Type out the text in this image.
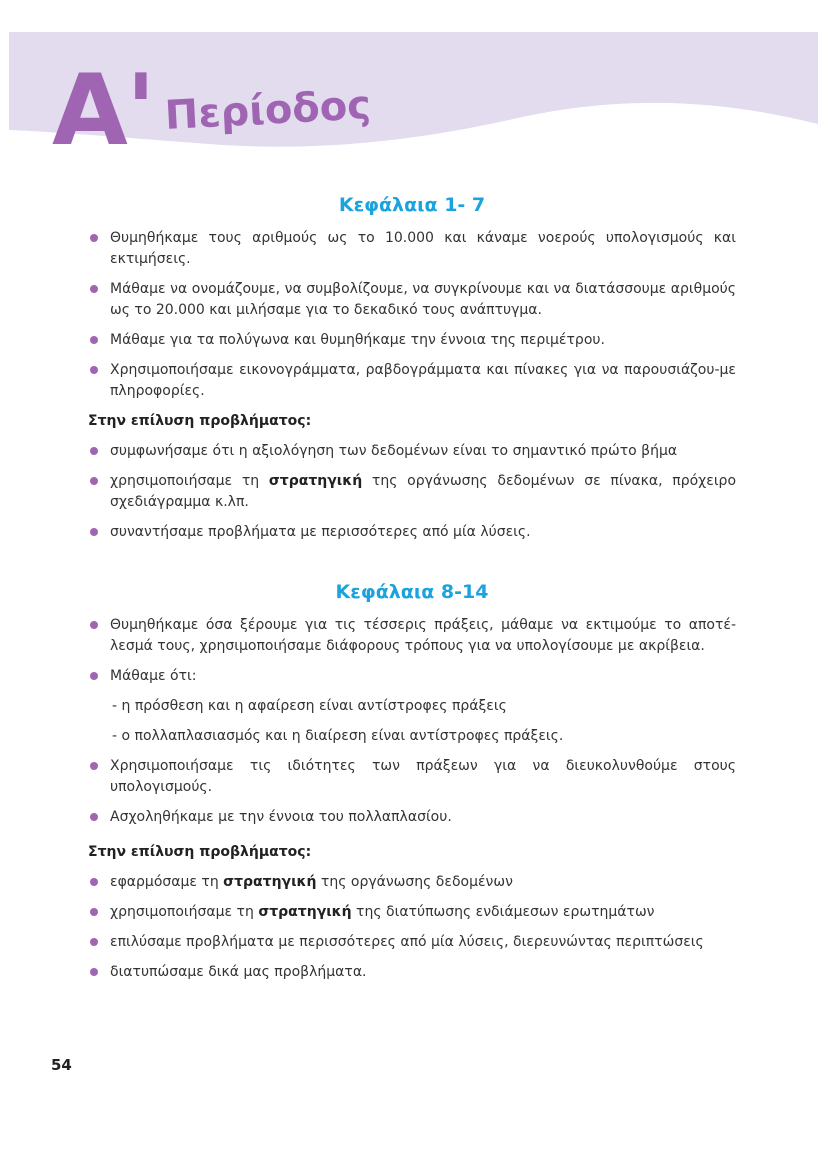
Α' Περίοδος
Κεφάλαια 1- 7
Θυμηθήκαμε τους αριθμούς ως το 10.000 και κάναμε νοερούς υπολογισμούς και εκτιμήσεις.
Μάθαμε να ονομάζουμε, να συμβολίζουμε, να συγκρίνουμε και να διατάσσουμε αριθμούς ως το 20.000 και μιλήσαμε για το δεκαδικό τους ανάπτυγμα.
Μάθαμε για τα πολύγωνα και θυμηθήκαμε την έννοια της περιμέτρου.
Χρησιμοποιήσαμε εικονογράμματα, ραβδογράμματα και πίνακες για να παρουσιάζου-με πληροφορίες.
Στην επίλυση προβλήματος:
συμφωνήσαμε ότι η αξιολόγηση των δεδομένων είναι το σημαντικό πρώτο βήμα
χρησιμοποιήσαμε τη στρατηγική της οργάνωσης δεδομένων σε πίνακα, πρόχειρο σχεδιάγραμμα κ.λπ.
συναντήσαμε προβλήματα με περισσότερες από μία λύσεις.
Κεφάλαια 8-14
Θυμηθήκαμε όσα ξέρουμε για τις τέσσερις πράξεις, μάθαμε να εκτιμούμε το αποτέ-λεσμά τους, χρησιμοποιήσαμε διάφορους τρόπους για να υπολογίσουμε με ακρίβεια.
Μάθαμε ότι:
- η πρόσθεση και η αφαίρεση είναι αντίστροφες πράξεις
- ο πολλαπλασιασμός και η διαίρεση είναι αντίστροφες πράξεις.
Χρησιμοποιήσαμε τις ιδιότητες των πράξεων για να διευκολυνθούμε στους υπολογισμούς.
Ασχοληθήκαμε με την έννοια του πολλαπλασίου.
Στην επίλυση προβλήματος:
εφαρμόσαμε τη στρατηγική της οργάνωσης δεδομένων
χρησιμοποιήσαμε τη στρατηγική της διατύπωσης ενδιάμεσων ερωτημάτων
επιλύσαμε προβλήματα με περισσότερες από μία λύσεις, διερευνώντας περιπτώσεις
διατυπώσαμε δικά μας προβλήματα.
54
